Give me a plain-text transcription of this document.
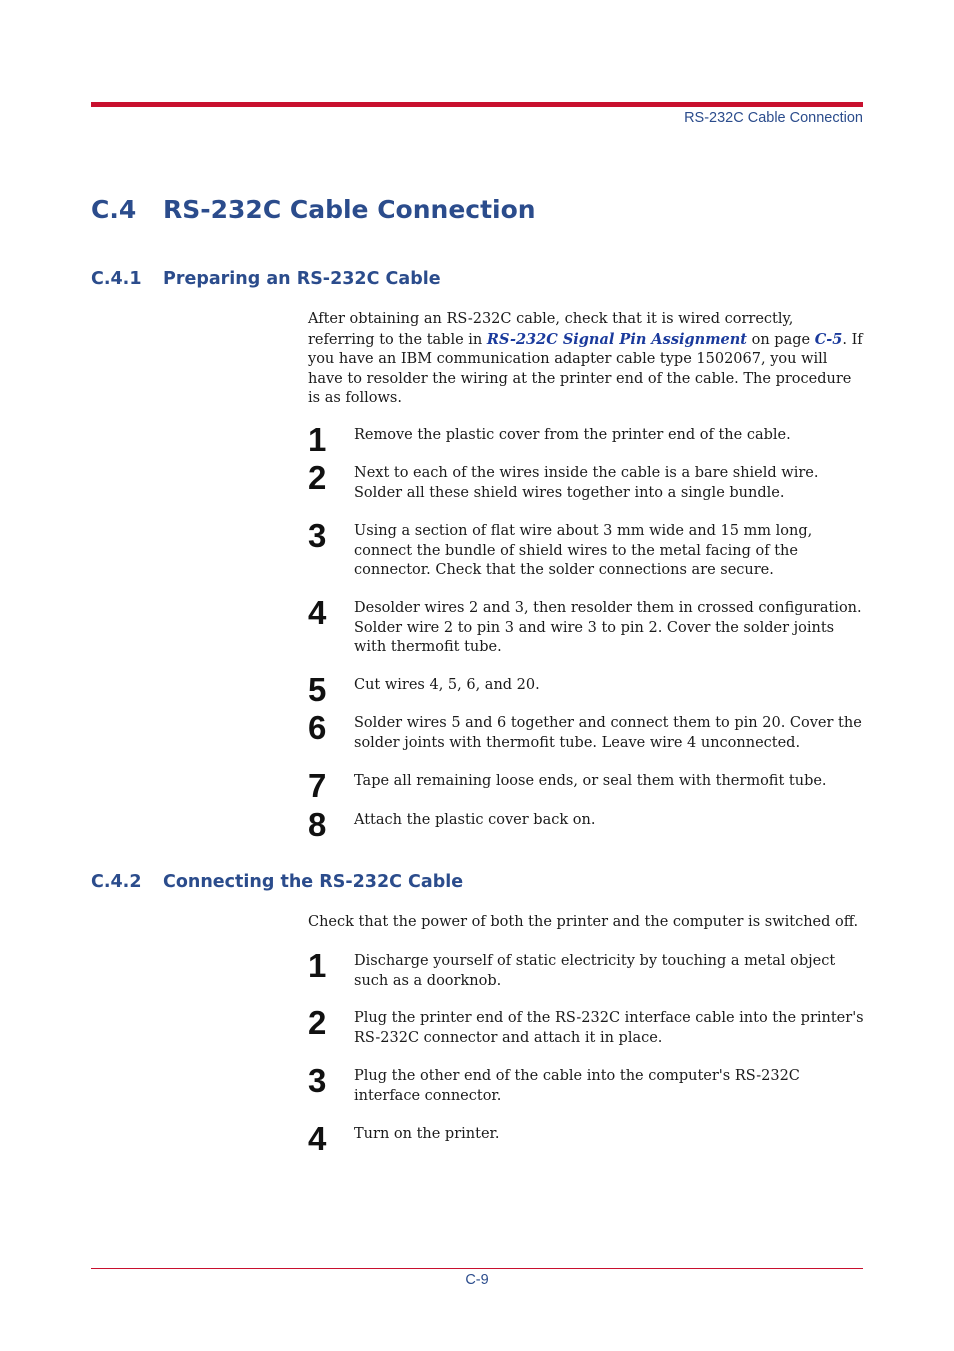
RS-232C Cable Connection
C.4 RS-232C Cable Connection
C.4.1 Preparing an RS-232C Cable
After obtaining an RS-232C cable, check that it is wired correctly, referring to the table in RS-232C Signal Pin Assignment on page C-5. If you have an IBM communication adapter cable type 1502067, you will have to resolder the wiring at the printer end of the cable. The procedure is as follows.
1 Remove the plastic cover from the printer end of the cable.
2 Next to each of the wires inside the cable is a bare shield wire. Solder all these shield wires together into a single bundle.
3 Using a section of flat wire about 3 mm wide and 15 mm long, connect the bundle of shield wires to the metal facing of the connector. Check that the solder connections are secure.
4 Desolder wires 2 and 3, then resolder them in crossed configuration. Solder wire 2 to pin 3 and wire 3 to pin 2. Cover the solder joints with thermofit tube.
5 Cut wires 4, 5, 6, and 20.
6 Solder wires 5 and 6 together and connect them to pin 20. Cover the solder joints with thermofit tube. Leave wire 4 unconnected.
7 Tape all remaining loose ends, or seal them with thermofit tube.
8 Attach the plastic cover back on.
C.4.2 Connecting the RS-232C Cable
Check that the power of both the printer and the computer is switched off.
1 Discharge yourself of static electricity by touching a metal object such as a doorknob.
2 Plug the printer end of the RS-232C interface cable into the printer's RS-232C connector and attach it in place.
3 Plug the other end of the cable into the computer's RS-232C interface connector.
4 Turn on the printer.
C-9
